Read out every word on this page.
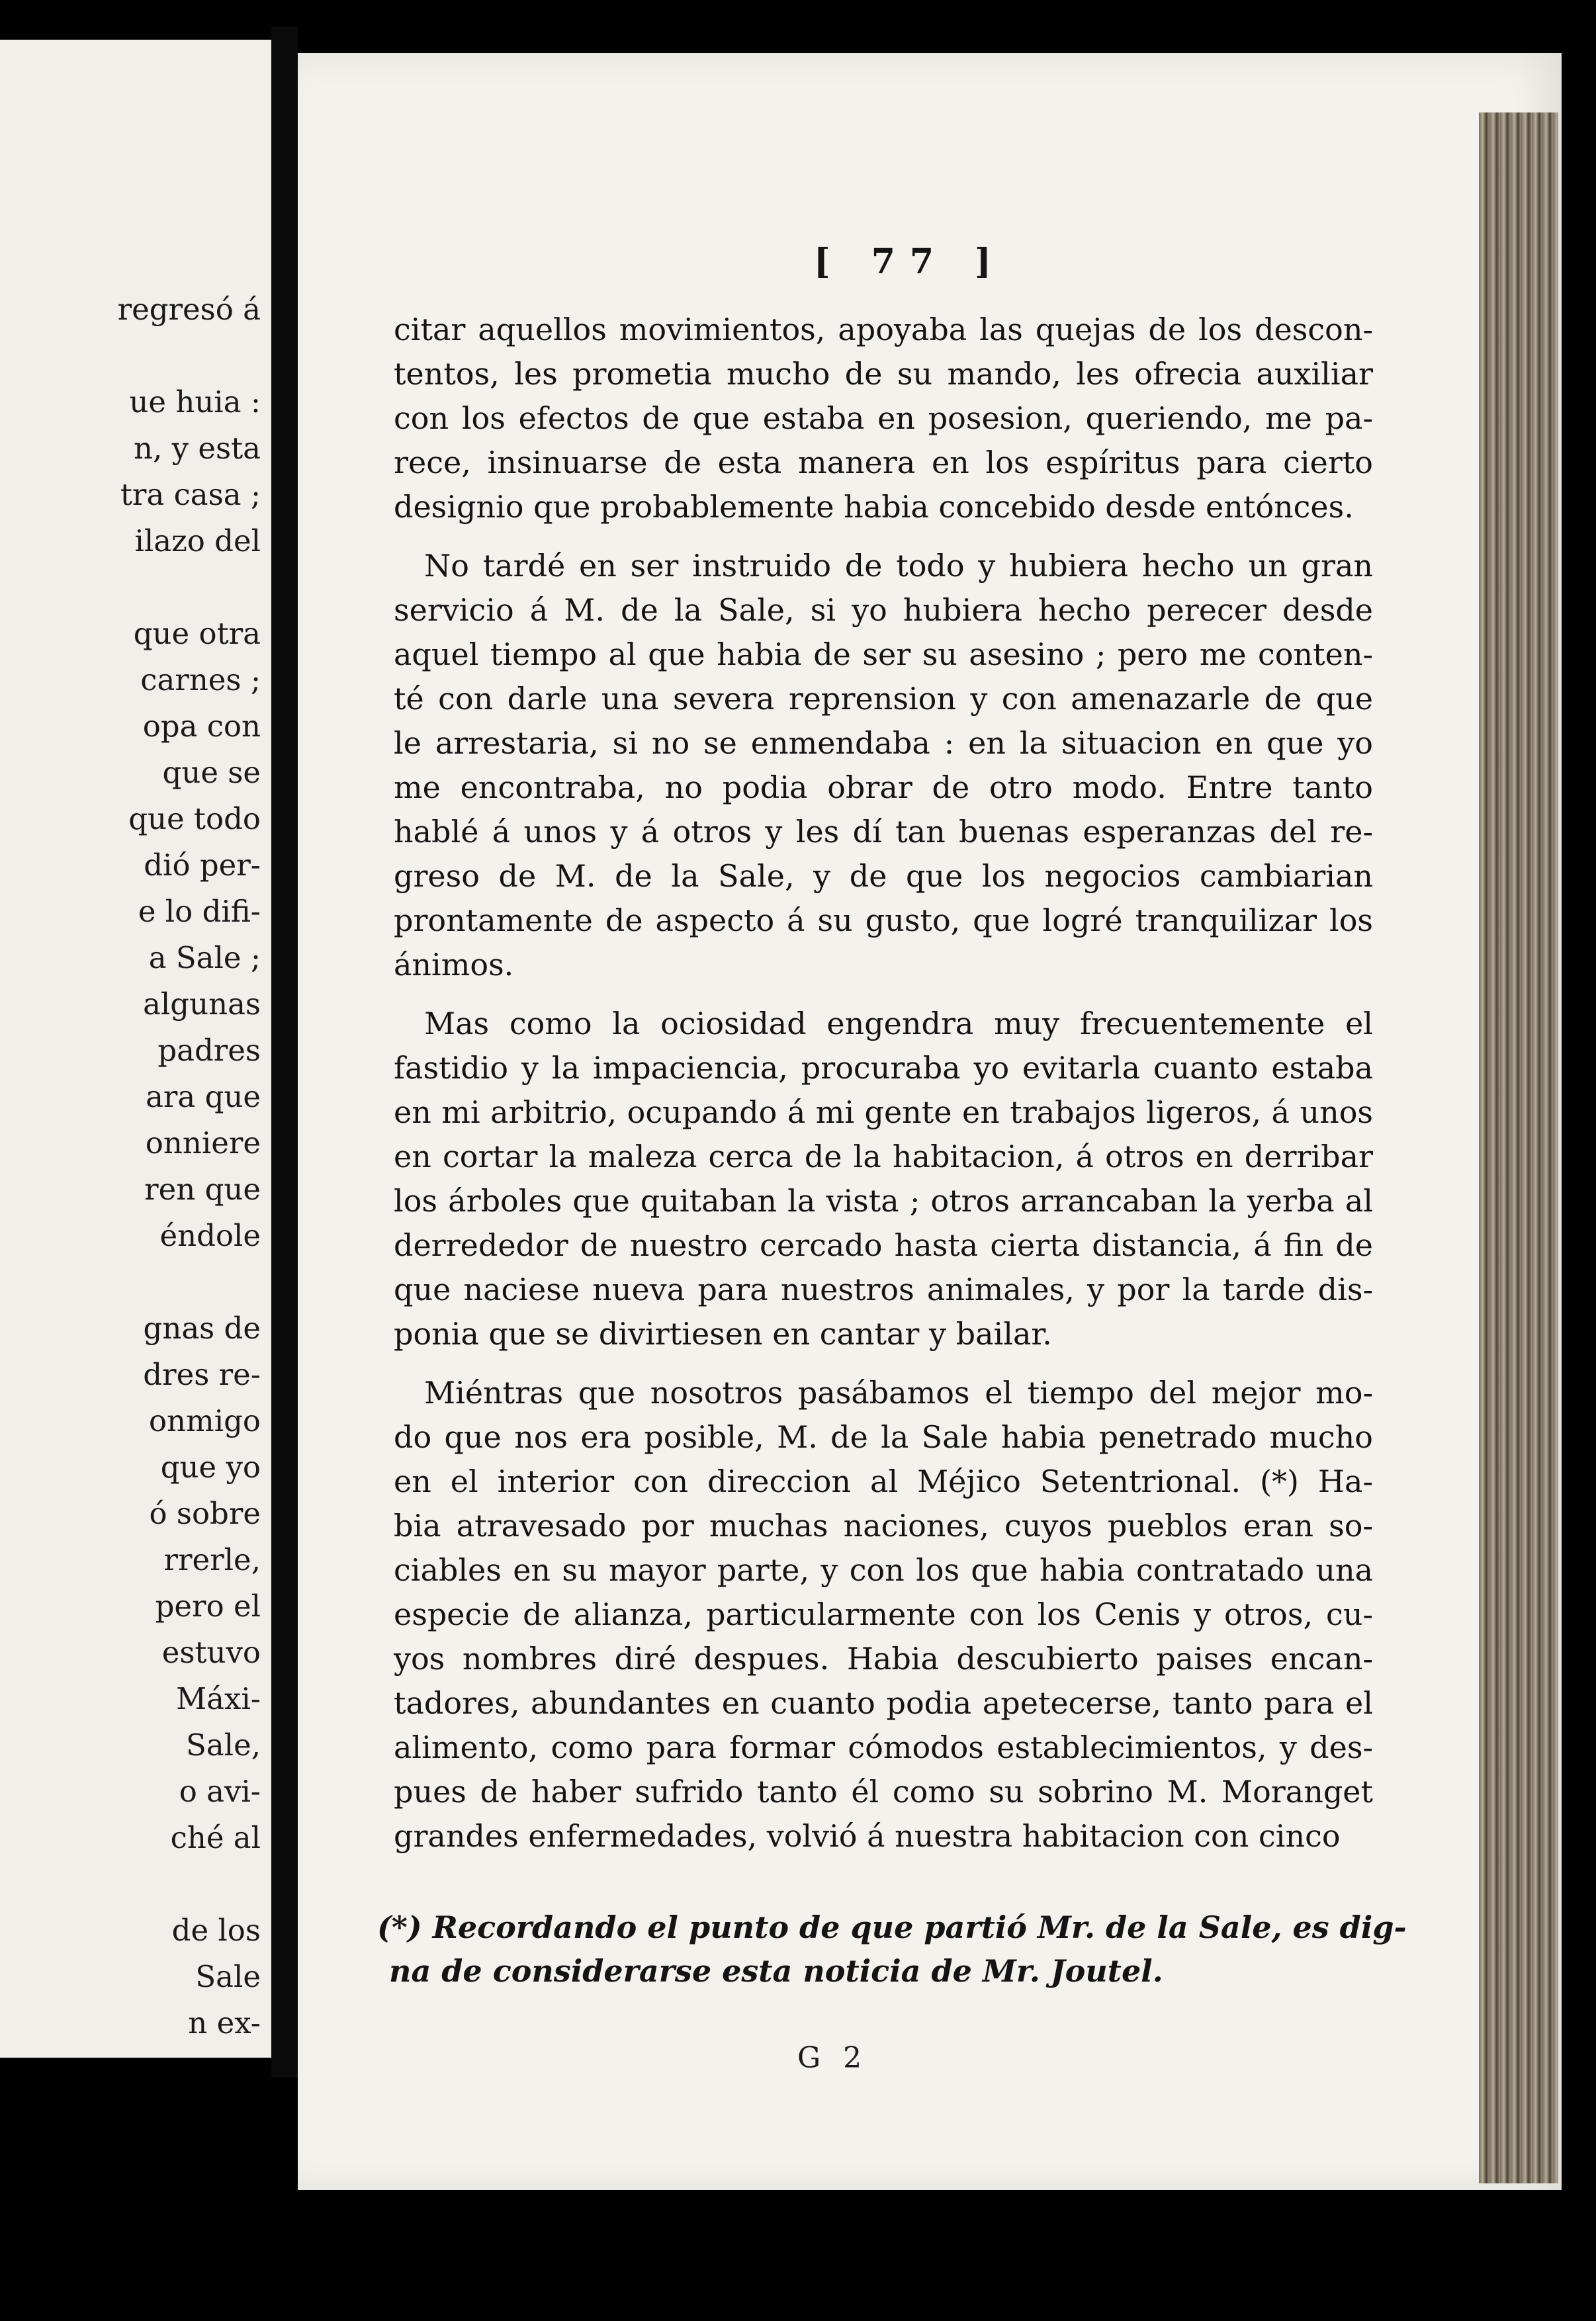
regresó á
ue huia :
n, y esta
tra casa ;
ilazo del
que otra
carnes ;
opa con
que se
que todo
dió per-
e lo difi-
a Sale ;
algunas
padres
ara que
onniere
ren que
éndole
gnas de
dres re-
onmigo
que yo
ó sobre
rrerle,
pero el
estuvo
Máxi-
Sale,
o avi-
ché al
de los
Sale
n ex-
[ 77 ]
citar aquellos movimientos, apoyaba las quejas de los descon-
tentos, les prometia mucho de su mando, les ofrecia auxiliar
con los efectos de que estaba en posesion, queriendo, me pa-
rece, insinuarse de esta manera en los espíritus para cierto
designio que probablemente habia concebido desde entónces.
No tardé en ser instruido de todo y hubiera hecho un gran
servicio á M. de la Sale, si yo hubiera hecho perecer desde
aquel tiempo al que habia de ser su asesino ; pero me conten-
té con darle una severa reprension y con amenazarle de que
le arrestaria, si no se enmendaba : en la situacion en que yo
me encontraba, no podia obrar de otro modo. Entre tanto
hablé á unos y á otros y les dí tan buenas esperanzas del re-
greso de M. de la Sale, y de que los negocios cambiarian
prontamente de aspecto á su gusto, que logré tranquilizar los
ánimos.
Mas como la ociosidad engendra muy frecuentemente el
fastidio y la impaciencia, procuraba yo evitarla cuanto estaba
en mi arbitrio, ocupando á mi gente en trabajos ligeros, á unos
en cortar la maleza cerca de la habitacion, á otros en derribar
los árboles que quitaban la vista ; otros arrancaban la yerba al
derrededor de nuestro cercado hasta cierta distancia, á fin de
que naciese nueva para nuestros animales, y por la tarde dis-
ponia que se divirtiesen en cantar y bailar.
Miéntras que nosotros pasábamos el tiempo del mejor mo-
do que nos era posible, M. de la Sale habia penetrado mucho
en el interior con direccion al Méjico Setentrional. (*) Ha-
bia atravesado por muchas naciones, cuyos pueblos eran so-
ciables en su mayor parte, y con los que habia contratado una
especie de alianza, particularmente con los Cenis y otros, cu-
yos nombres diré despues. Habia descubierto paises encan-
tadores, abundantes en cuanto podia apetecerse, tanto para el
alimento, como para formar cómodos establecimientos, y des-
pues de haber sufrido tanto él como su sobrino M. Moranget
grandes enfermedades, volvió á nuestra habitacion con cinco
(*) Recordando el punto de que partió Mr. de la Sale, es dig-
na de considerarse esta noticia de Mr. Joutel.
G 2
